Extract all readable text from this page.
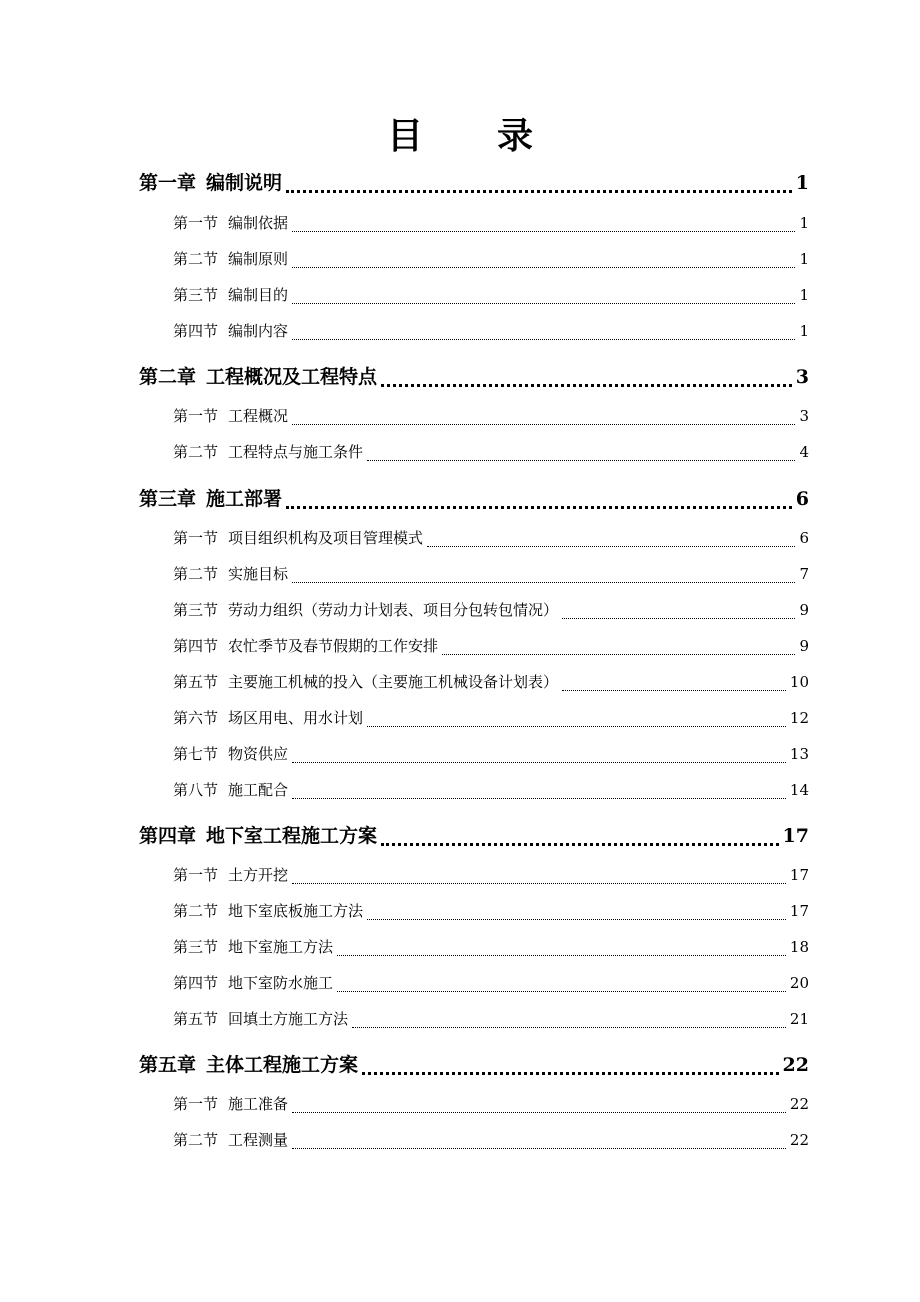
目 录
第一章 编制说明	1
第一节 编制依据	1
第二节 编制原则	1
第三节 编制目的	1
第四节 编制内容	1
第二章 工程概况及工程特点	3
第一节 工程概况	3
第二节 工程特点与施工条件	4
第三章 施工部署	6
第一节 项目组织机构及项目管理模式	6
第二节 实施目标	7
第三节 劳动力组织（劳动力计划表、项目分包转包情况）	9
第四节 农忙季节及春节假期的工作安排	9
第五节 主要施工机械的投入（主要施工机械设备计划表）	10
第六节 场区用电、用水计划	12
第七节 物资供应	13
第八节 施工配合	14
第四章 地下室工程施工方案	17
第一节 土方开挖	17
第二节 地下室底板施工方法	17
第三节 地下室施工方法	18
第四节 地下室防水施工	20
第五节 回填土方施工方法	21
第五章 主体工程施工方案	22
第一节 施工准备	22
第二节 工程测量	22
